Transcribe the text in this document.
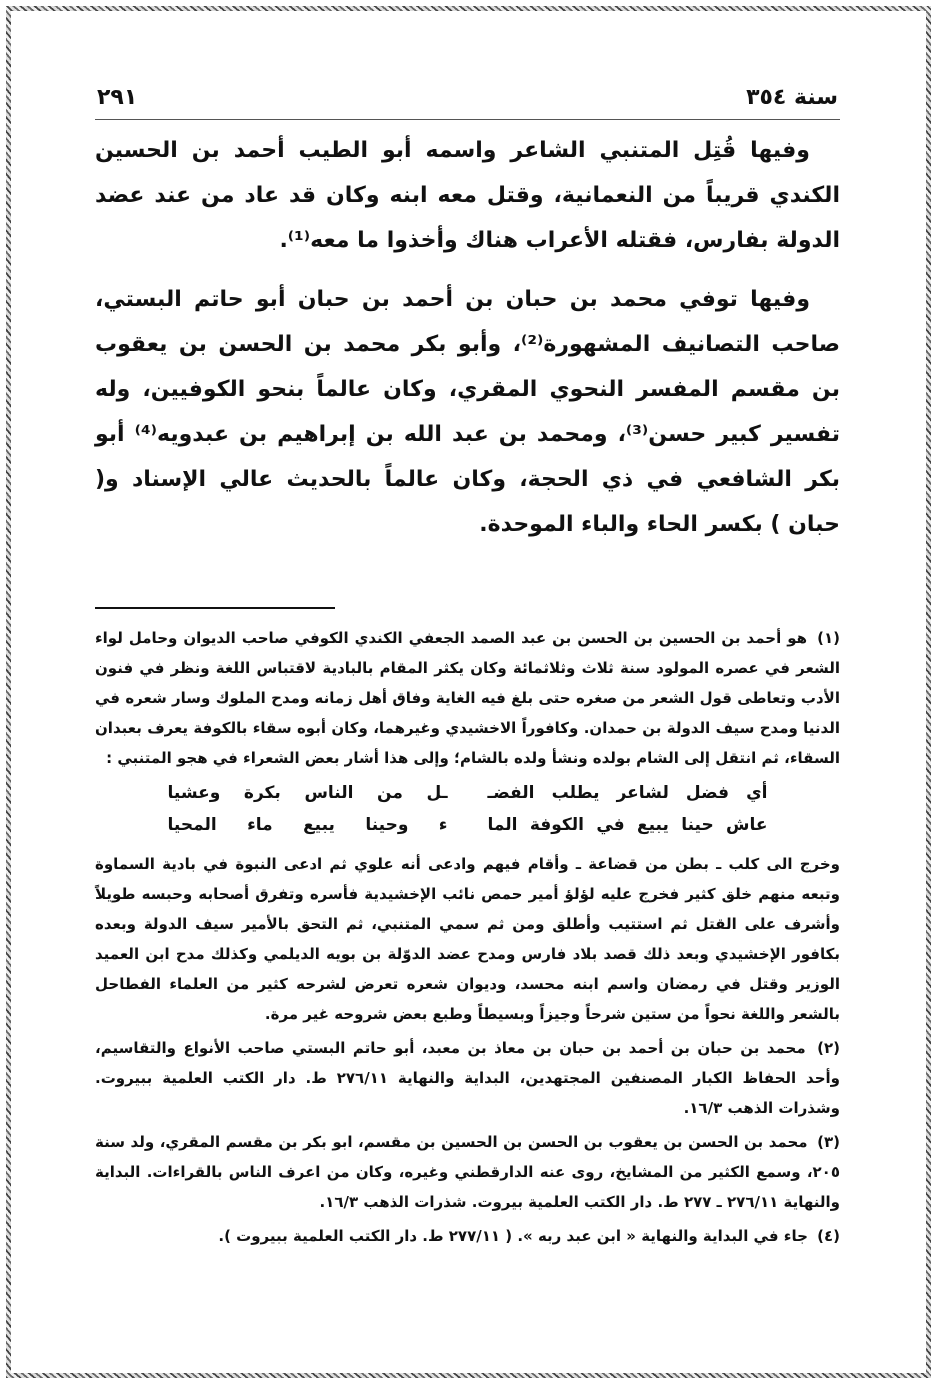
سنة ٣٥٤
٢٩١

وفيها قُتِل المتنبي الشاعر واسمه أبو الطيب أحمد بن الحسين الكندي قريباً من النعمانية، وقتل معه ابنه وكان قد عاد من عند عضد الدولة بفارس، فقتله الأعراب هناك وأخذوا ما معه⁽¹⁾.

وفيها توفي محمد بن حبان بن أحمد بن حبان أبو حاتم البستي، صاحب التصانيف المشهورة⁽²⁾، وأبو بكر محمد بن الحسن بن يعقوب بن مقسم المفسر النحوي المقري، وكان عالماً بنحو الكوفيين، وله تفسير كبير حسن⁽³⁾، ومحمد بن عبد الله بن إبراهيم بن عبدويه⁽⁴⁾ أبو بكر الشافعي في ذي الحجة، وكان عالماً بالحديث عالي الإسناد و( حبان ) بكسر الحاء والباء الموحدة.

(١) هو أحمد بن الحسين بن الحسن بن عبد الصمد الجعفي الكندي الكوفي صاحب الديوان وحامل لواء الشعر في عصره المولود سنة ثلاث وثلاثمائة وكان يكثر المقام بالبادية لاقتباس اللغة ونظر في فنون الأدب وتعاطى قول الشعر من صغره حتى بلغ فيه الغاية وفاق أهل زمانه ومدح الملوك وسار شعره في الدنيا ومدح سيف الدولة بن حمدان. وكافوراً الاخشيدي وغيرهما، وكان أبوه سقاء بالكوفة يعرف بعبدان السقاء، ثم انتقل إلى الشام بولده ونشأ ولده بالشام؛ وإلى هذا أشار بعض الشعراء في هجو المتنبي :

أي فضل لشاعر يطلب الفضـ
ـل من الناس بكرة وعشيا
عاش حينا يبيع في الكوفة الما
ء وحينا يبيع ماء المحيا

وخرج الى كلب ـ بطن من قضاعة ـ وأقام فيهم وادعى أنه علوي ثم ادعى النبوة في بادية السماوة وتبعه منهم خلق كثير فخرج عليه لؤلؤ أمير حمص نائب الإخشيدية فأسره وتفرق أصحابه وحبسه طويلاً وأشرف على القتل ثم استتيب وأطلق ومن ثم سمي المتنبي، ثم التحق بالأمير سيف الدولة وبعده بكافور الإخشيدي وبعد ذلك قصد بلاد فارس ومدح عضد الدوّلة بن بويه الديلمي وكذلك مدح ابن العميد الوزير وقتل في رمضان واسم ابنه محسد، وديوان شعره تعرض لشرحه كثير من العلماء الفطاحل بالشعر واللغة نحواً من ستين شرحاً وجيزاً وبسيطاً وطبع بعض شروحه غير مرة.

(٢) محمد بن حبان بن أحمد بن حبان بن معاذ بن معبد، أبو حاتم البستي صاحب الأنواع والتقاسيم، وأحد الحفاظ الكبار المصنفين المجتهدين، البداية والنهاية ٢٧٦/١١ ط. دار الكتب العلمية ببيروت. وشذرات الذهب ١٦/٣.

(٣) محمد بن الحسن بن يعقوب بن الحسن بن الحسين بن مقسم، ابو بكر بن مقسم المقري، ولد سنة ٢٠٥، وسمع الكثير من المشايخ، روى عنه الدارقطني وغيره، وكان من اعرف الناس بالقراءات. البداية والنهاية ٢٧٦/١١ ـ ٢٧٧ ط. دار الكتب العلمية بيروت. شذرات الذهب ١٦/٣.

(٤) جاء في البداية والنهاية « ابن عبد ربه ». ( ٢٧٧/١١ ط. دار الكتب العلمية ببيروت ).
